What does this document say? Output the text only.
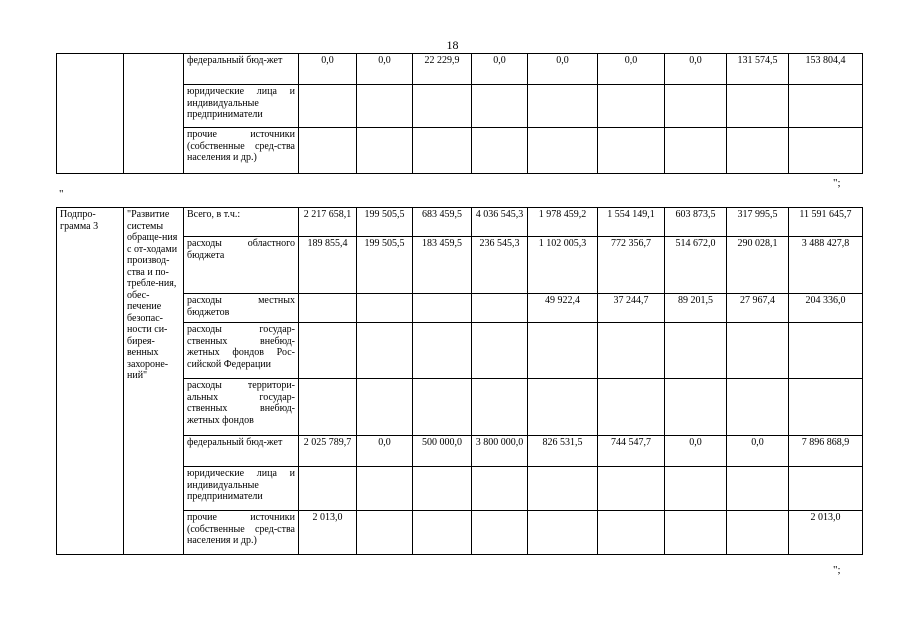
18
		федеральный бюд-жет	0,0	0,0	22 229,9	0,0	0,0	0,0	0,0	131 574,5	153 804,4
		юридические лица и индивидуальные предприниматели									
		прочие источники (собственные сред-ства населения и др.)									
";
"
Подпро-грамма 3	"Развитие системы обраще-ния с от-ходами производ-ства и по-требле-ния, обес-печение безопас-ности си-бирея-венных захороне-ний"	Всего, в т.ч.:	2 217 658,1	199 505,5	683 459,5	4 036 545,3	1 978 459,2	1 554 149,1	603 873,5	317 995,5	11 591 645,7
		расходы областного бюджета	189 855,4	199 505,5	183 459,5	236 545,3	1 102 005,3	772 356,7	514 672,0	290 028,1	3 488 427,8
		расходы местных бюджетов					49 922,4	37 244,7	89 201,5	27 967,4	204 336,0
		расходы государ-ственных внебюд-жетных фондов Рос-сийской Федерации									
		расходы территори-альных государ-ственных внебюд-жетных фондов									
		федеральный бюд-жет	2 025 789,7	0,0	500 000,0	3 800 000,0	826 531,5	744 547,7	0,0	0,0	7 896 868,9
		юридические лица и индивидуальные предприниматели									
		прочие источники (собственные сред-ства населения и др.)	2 013,0								2 013,0
";
